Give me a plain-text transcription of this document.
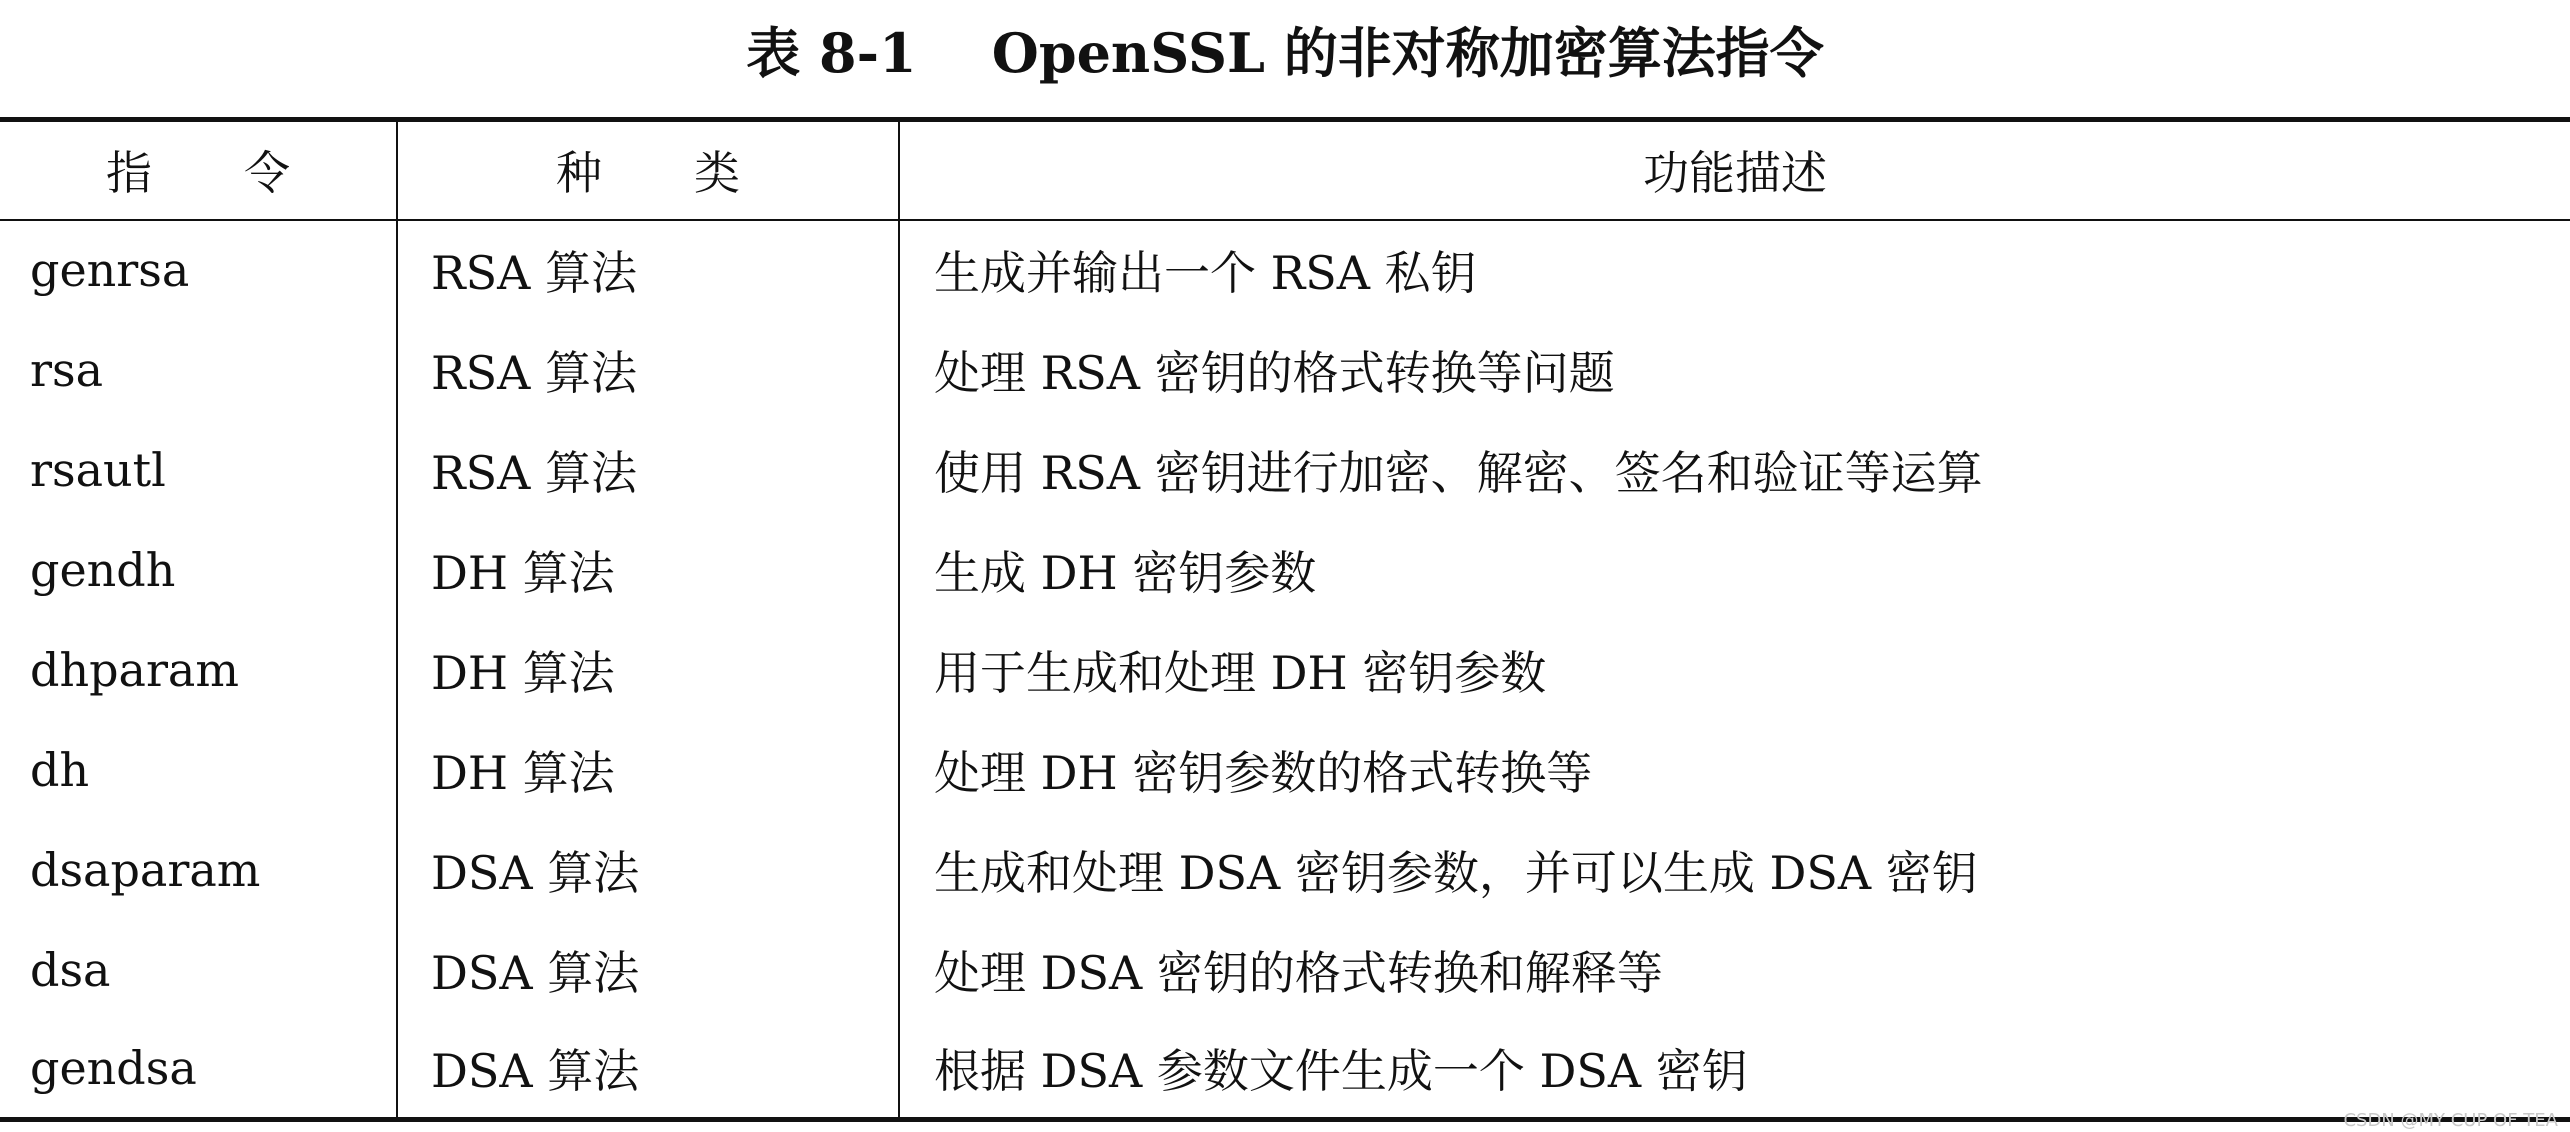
表 8-1    OpenSSL 的非对称加密算法指令
指　　令	种　　类	功能描述
genrsa	RSA 算法	生成并输出一个 RSA 私钥
rsa	RSA 算法	处理 RSA 密钥的格式转换等问题
rsautl	RSA 算法	使用 RSA 密钥进行加密、解密、签名和验证等运算
gendh	DH 算法	生成 DH 密钥参数
dhparam	DH 算法	用于生成和处理 DH 密钥参数
dh	DH 算法	处理 DH 密钥参数的格式转换等
dsaparam	DSA 算法	生成和处理 DSA 密钥参数，并可以生成 DSA 密钥
dsa	DSA 算法	处理 DSA 密钥的格式转换和解释等
gendsa	DSA 算法	根据 DSA 参数文件生成一个 DSA 密钥
CSDN @MY CUP OF TEA
